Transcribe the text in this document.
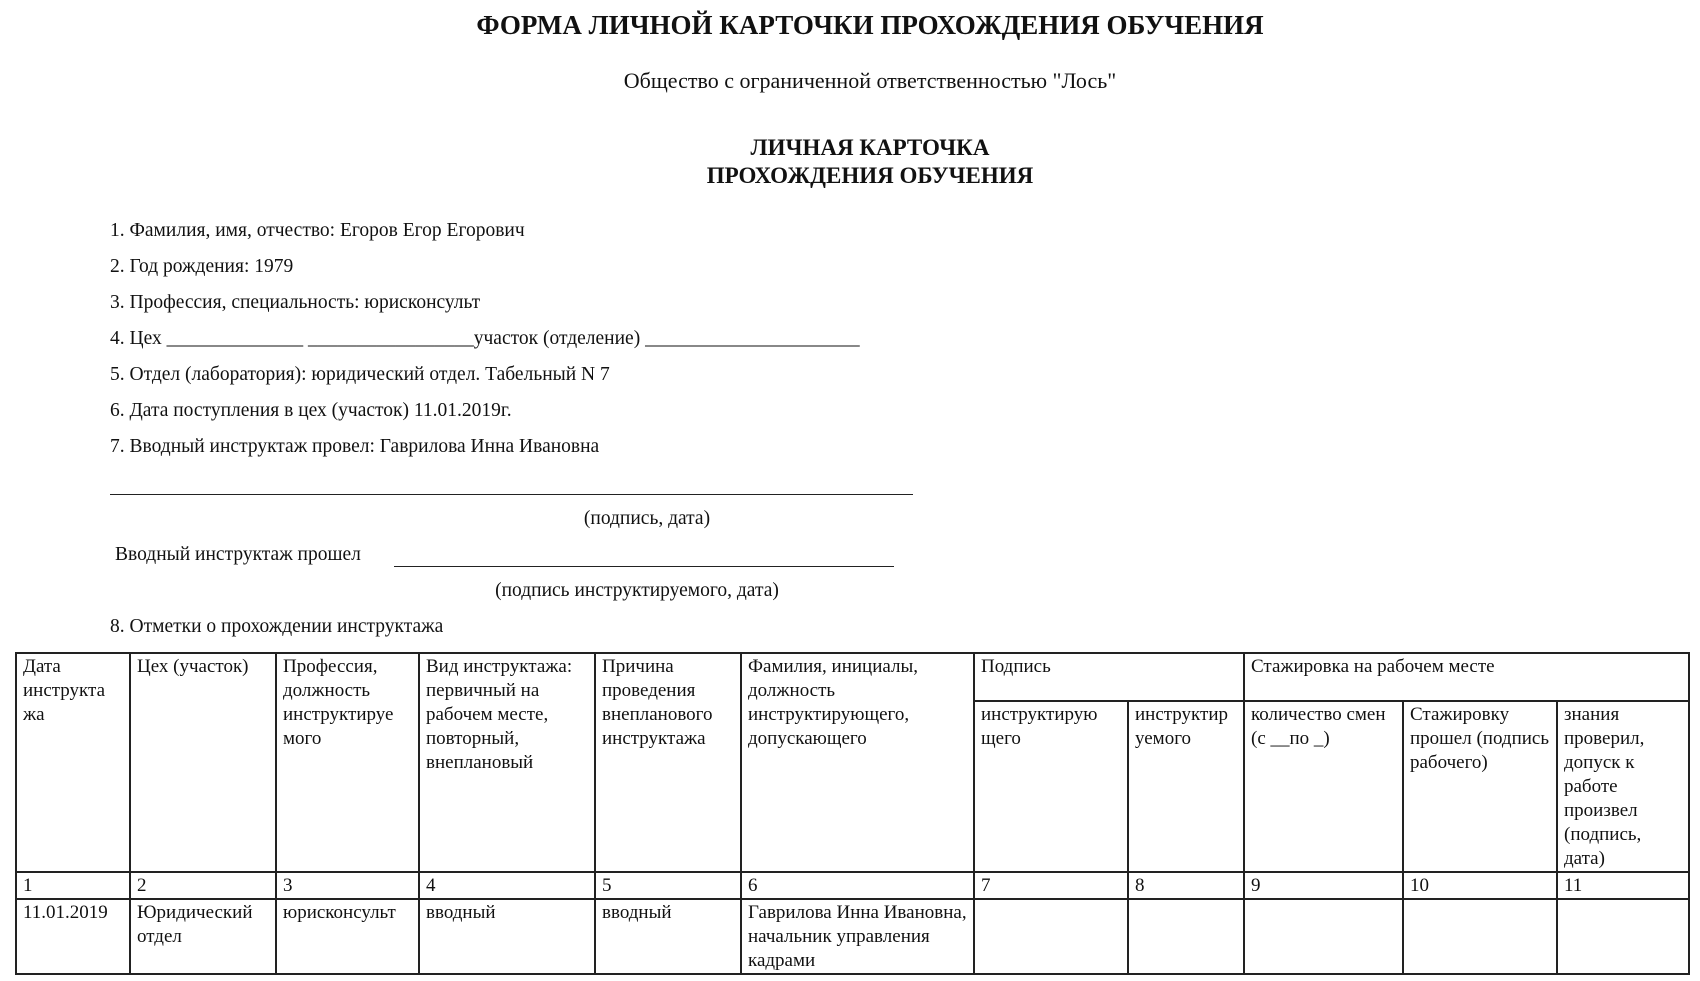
ФОРМА ЛИЧНОЙ КАРТОЧКИ ПРОХОЖДЕНИЯ ОБУЧЕНИЯ
Общество с ограниченной ответственностью "Лось"
ЛИЧНАЯ КАРТОЧКА
ПРОХОЖДЕНИЯ ОБУЧЕНИЯ
1. Фамилия, имя, отчество: Егоров Егор Егорович
2. Год рождения: 1979
3. Профессия, специальность: юрисконсульт
4. Цех ______________ _________________участок (отделение) ______________________
5. Отдел (лаборатория): юридический отдел. Табельный N 7
6. Дата поступления в цех (участок) 11.01.2019г.
7. Вводный инструктаж провел: Гаврилова Инна Ивановна
(подпись, дата)
Вводный инструктаж прошел
(подпись инструктируемого, дата)
8. Отметки о прохождении инструктажа
Дата инструкта жа	Цех (участок)	Профессия, должность инструктируе мого	Вид инструктажа: первичный на рабочем месте, повторный, внеплановый	Причина проведения внепланового инструктажа	Фамилия, инициалы, должность инструктирующего, допускающего	Подпись		Стажировка на рабочем месте		
						инструктирую щего	инструктир уемого	количество смен (с __по _)	Стажировку прошел (подпись рабочего)	знания проверил, допуск к работе произвел (подпись, дата)
1	2	3	4	5	6	7	8	9	10	11
11.01.2019	Юридический отдел	юрисконсульт	вводный	вводный	Гаврилова Инна Ивановна, начальник управления кадрами					
